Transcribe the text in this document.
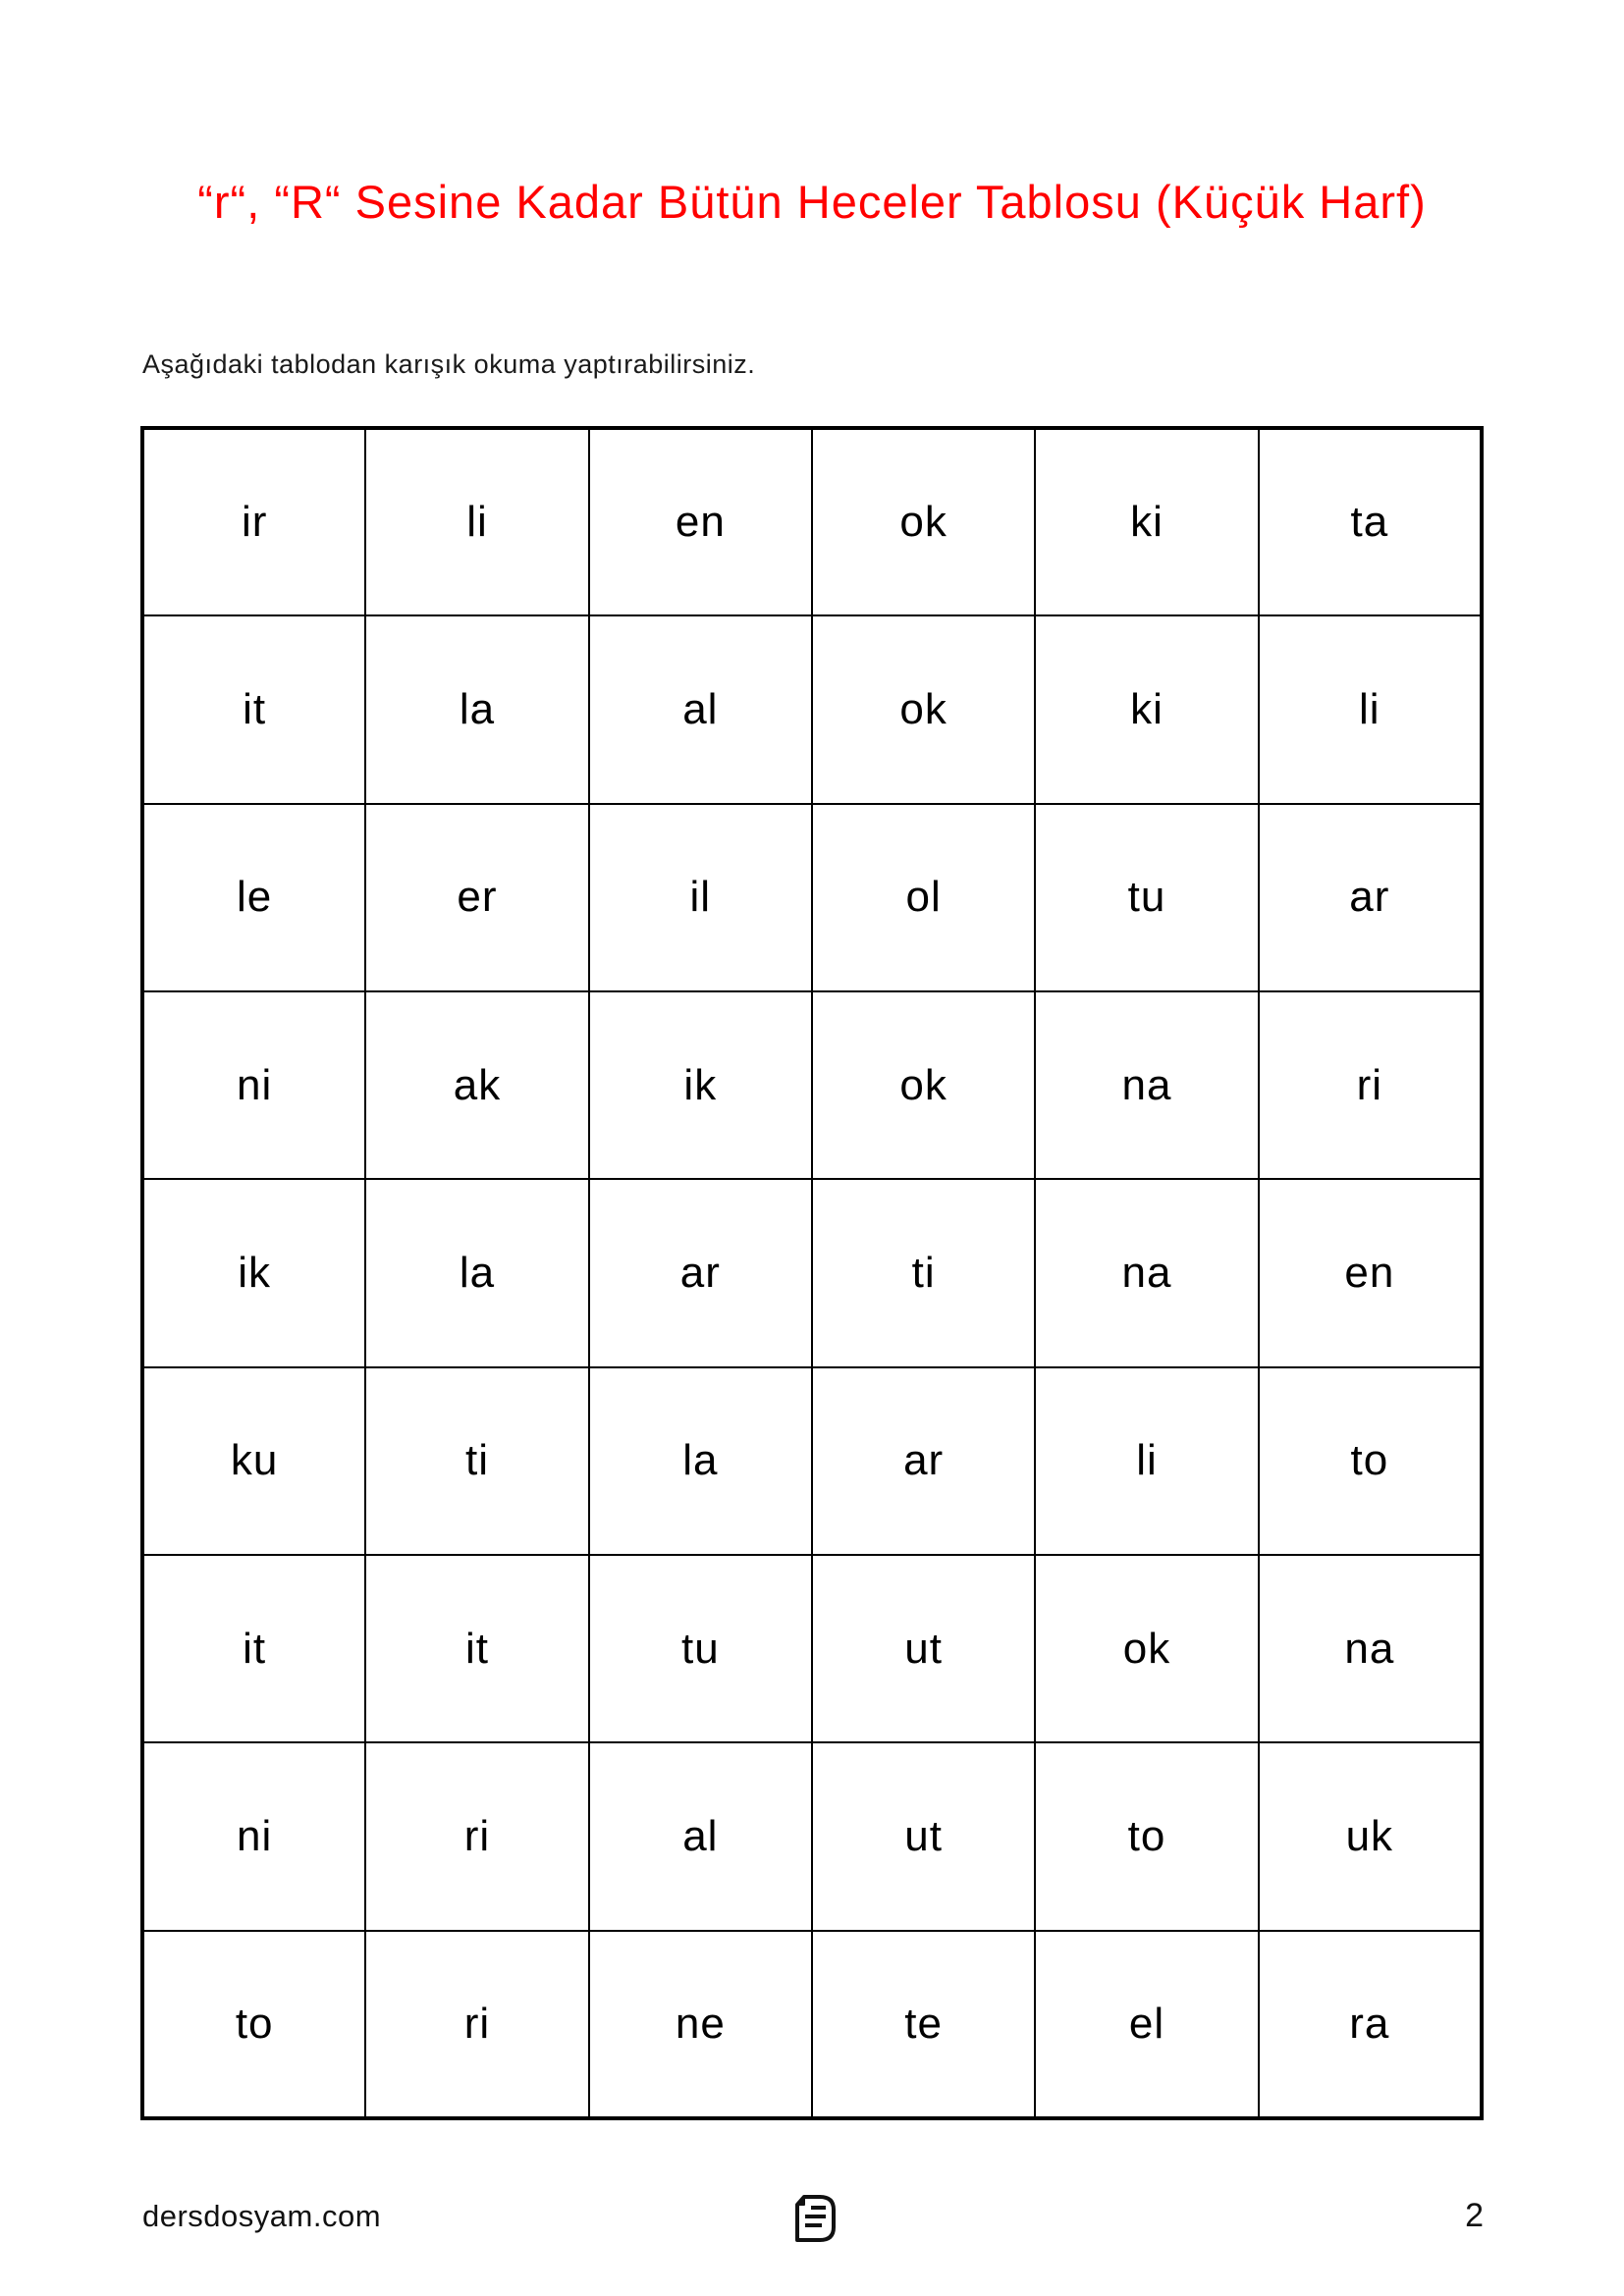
“r“, “R“ Sesine Kadar Bütün Heceler Tablosu (Küçük Harf)
Aşağıdaki tablodan karışık okuma yaptırabilirsiniz.
ir	li	en	ok	ki	ta
it	la	al	ok	ki	li
le	er	il	ol	tu	ar
ni	ak	ik	ok	na	ri
ik	la	ar	ti	na	en
ku	ti	la	ar	li	to
it	it	tu	ut	ok	na
ni	ri	al	ut	to	uk
to	ri	ne	te	el	ra
dersdosyam.com	2
